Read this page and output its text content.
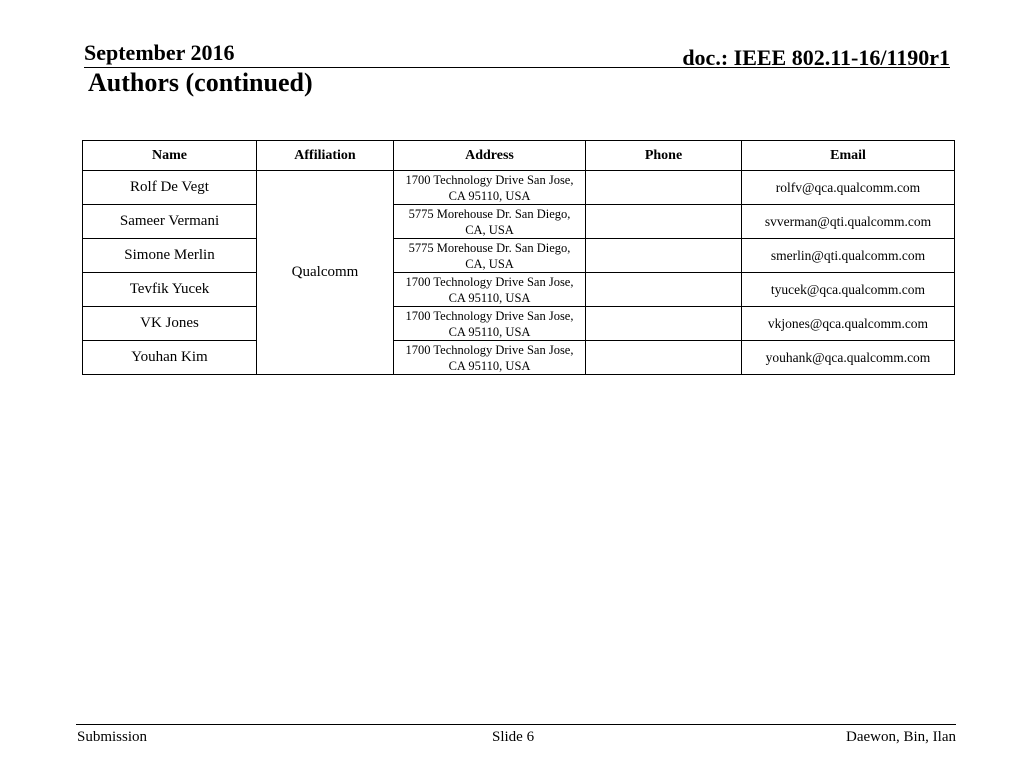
September 2016	doc.: IEEE 802.11-16/1190r1
Authors (continued)
Name	Affiliation	Address	Phone	Email
Rolf De Vegt	Qualcomm	1700 Technology Drive San Jose, CA 95110, USA		rolfv@qca.qualcomm.com
Sameer Vermani		5775 Morehouse Dr. San Diego, CA, USA		svverman@qti.qualcomm.com
Simone Merlin		5775 Morehouse Dr. San Diego, CA, USA		smerlin@qti.qualcomm.com
Tevfik Yucek		1700 Technology Drive San Jose, CA 95110, USA		tyucek@qca.qualcomm.com
VK Jones		1700 Technology Drive San Jose, CA 95110, USA		vkjones@qca.qualcomm.com
Youhan Kim		1700 Technology Drive San Jose, CA 95110, USA		youhank@qca.qualcomm.com
Submission	Slide 6	Daewon, Bin, Ilan
